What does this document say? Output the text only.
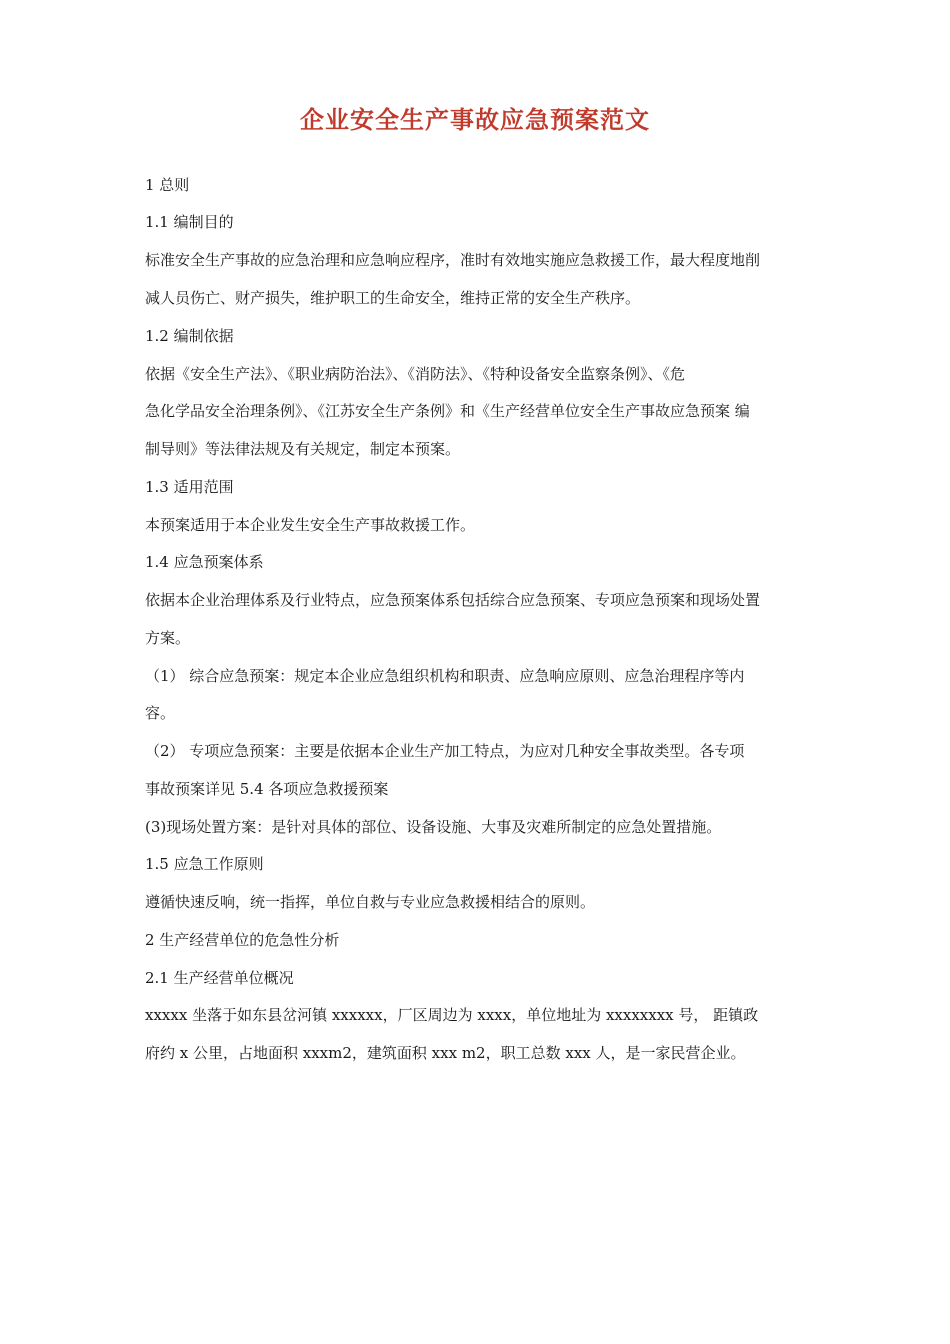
企业安全生产事故应急预案范文
1 总则
1.1 编制目的
标准安全生产事故的应急治理和应急响应程序，准时有效地实施应急救援工作，最大程度地削
减人员伤亡、财产损失，维护职工的生命安全，维持正常的安全生产秩序。
1.2 编制依据
依据《安全生产法》、《职业病防治法》、《消防法》、《特种设备安全监察条例》、《危
急化学品安全治理条例》、《江苏安全生产条例》和《生产经营单位安全生产事故应急预案 编
制导则》等法律法规及有关规定，制定本预案。
1.3 适用范围
本预案适用于本企业发生安全生产事故救援工作。
1.4 应急预案体系
依据本企业治理体系及行业特点，应急预案体系包括综合应急预案、专项应急预案和现场处置
方案。
（1） 综合应急预案：规定本企业应急组织机构和职责、应急响应原则、应急治理程序等内
容。
（2） 专项应急预案：主要是依据本企业生产加工特点，为应对几种安全事故类型。各专项
事故预案详见 5.4 各项应急救援预案
(3)现场处置方案：是针对具体的部位、设备设施、大事及灾难所制定的应急处置措施。
1.5 应急工作原则
遵循快速反响，统一指挥，单位自救与专业应急救援相结合的原则。
2 生产经营单位的危急性分析
2.1 生产经营单位概况
xxxxx 坐落于如东县岔河镇 xxxxxx，厂区周边为 xxxx，单位地址为 xxxxxxxx 号， 距镇政
府约 x 公里，占地面积 xxxm2，建筑面积 xxx m2，职工总数 xxx 人，是一家民营企业。
